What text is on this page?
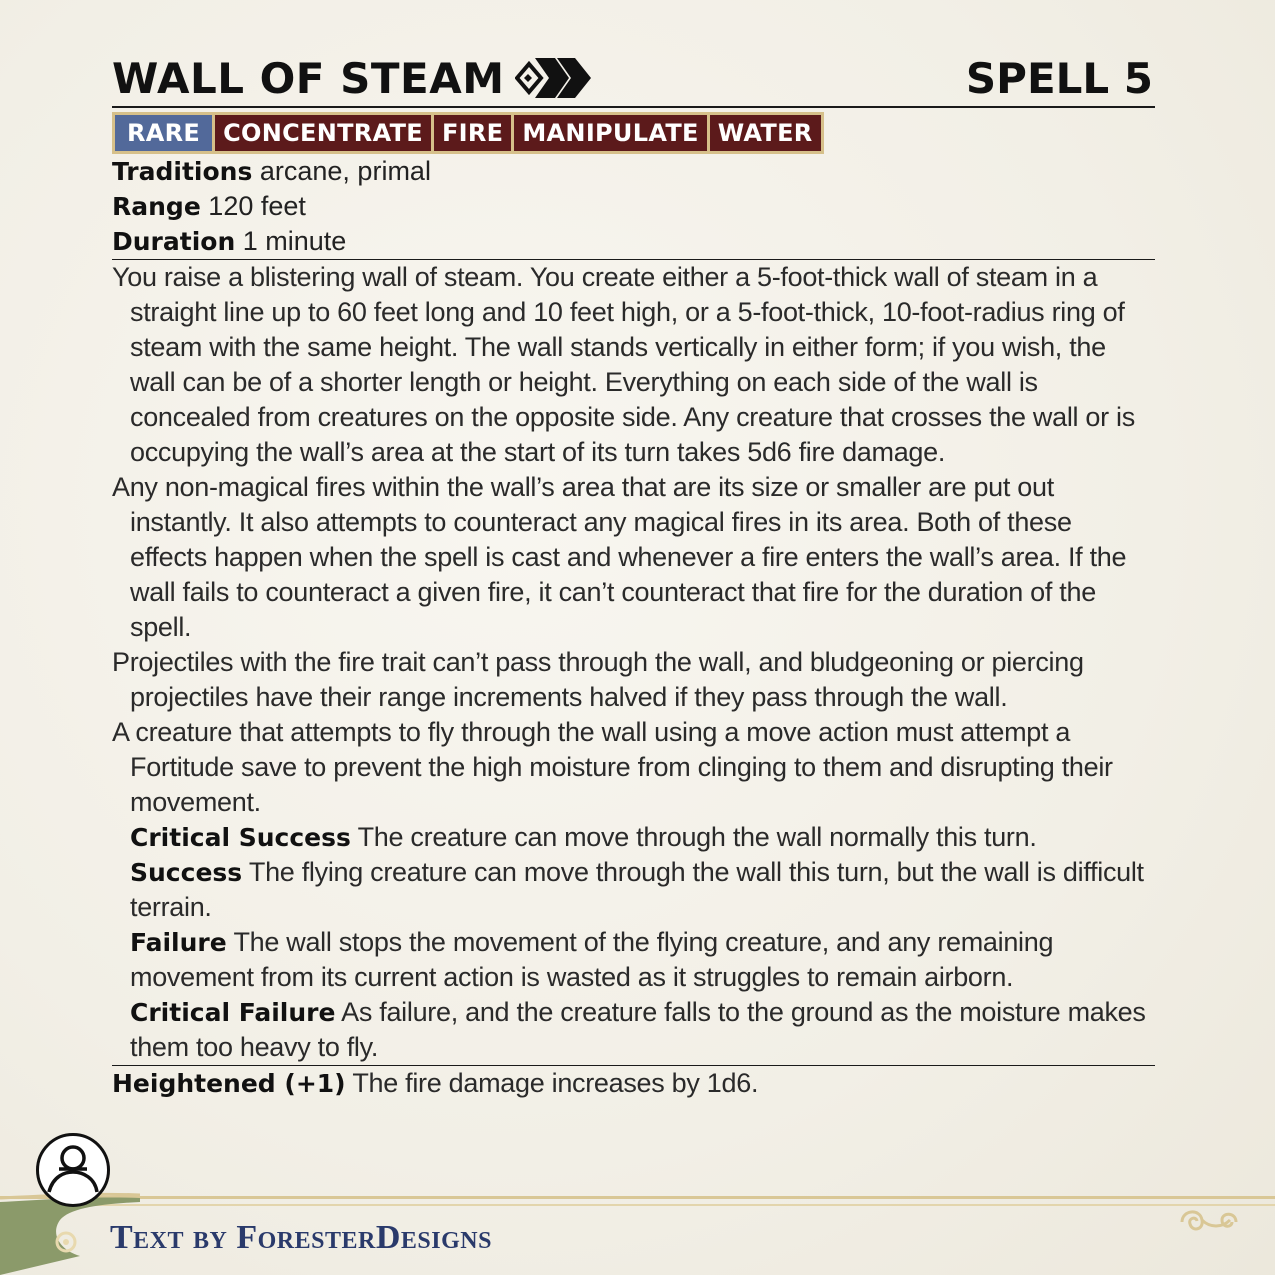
WALL OF STEAM	SPELL 5
RARE CONCENTRATE FIRE MANIPULATE WATER
Traditions arcane, primal
Range 120 feet
Duration 1 minute
You raise a blistering wall of steam. You create either a 5-foot-thick wall of steam in a straight line up to 60 feet long and 10 feet high, or a 5-foot-thick, 10-foot-radius ring of steam with the same height. The wall stands vertically in either form; if you wish, the wall can be of a shorter length or height. Everything on each side of the wall is concealed from creatures on the opposite side. Any creature that crosses the wall or is occupying the wall’s area at the start of its turn takes 5d6 fire damage.
Any non-magical fires within the wall’s area that are its size or smaller are put out instantly. It also attempts to counteract any magical fires in its area. Both of these effects happen when the spell is cast and whenever a fire enters the wall’s area. If the wall fails to counteract a given fire, it can’t counteract that fire for the duration of the spell.
Projectiles with the fire trait can’t pass through the wall, and bludgeoning or piercing projectiles have their range increments halved if they pass through the wall.
A creature that attempts to fly through the wall using a move action must attempt a Fortitude save to prevent the high moisture from clinging to them and disrupting their movement.
Critical Success The creature can move through the wall normally this turn.
Success The flying creature can move through the wall this turn, but the wall is difficult terrain.
Failure The wall stops the movement of the flying creature, and any remaining movement from its current action is wasted as it struggles to remain airborn.
Critical Failure As failure, and the creature falls to the ground as the moisture makes them too heavy to fly.
Heightened (+1) The fire damage increases by 1d6.
Text by ForesterDesigns
